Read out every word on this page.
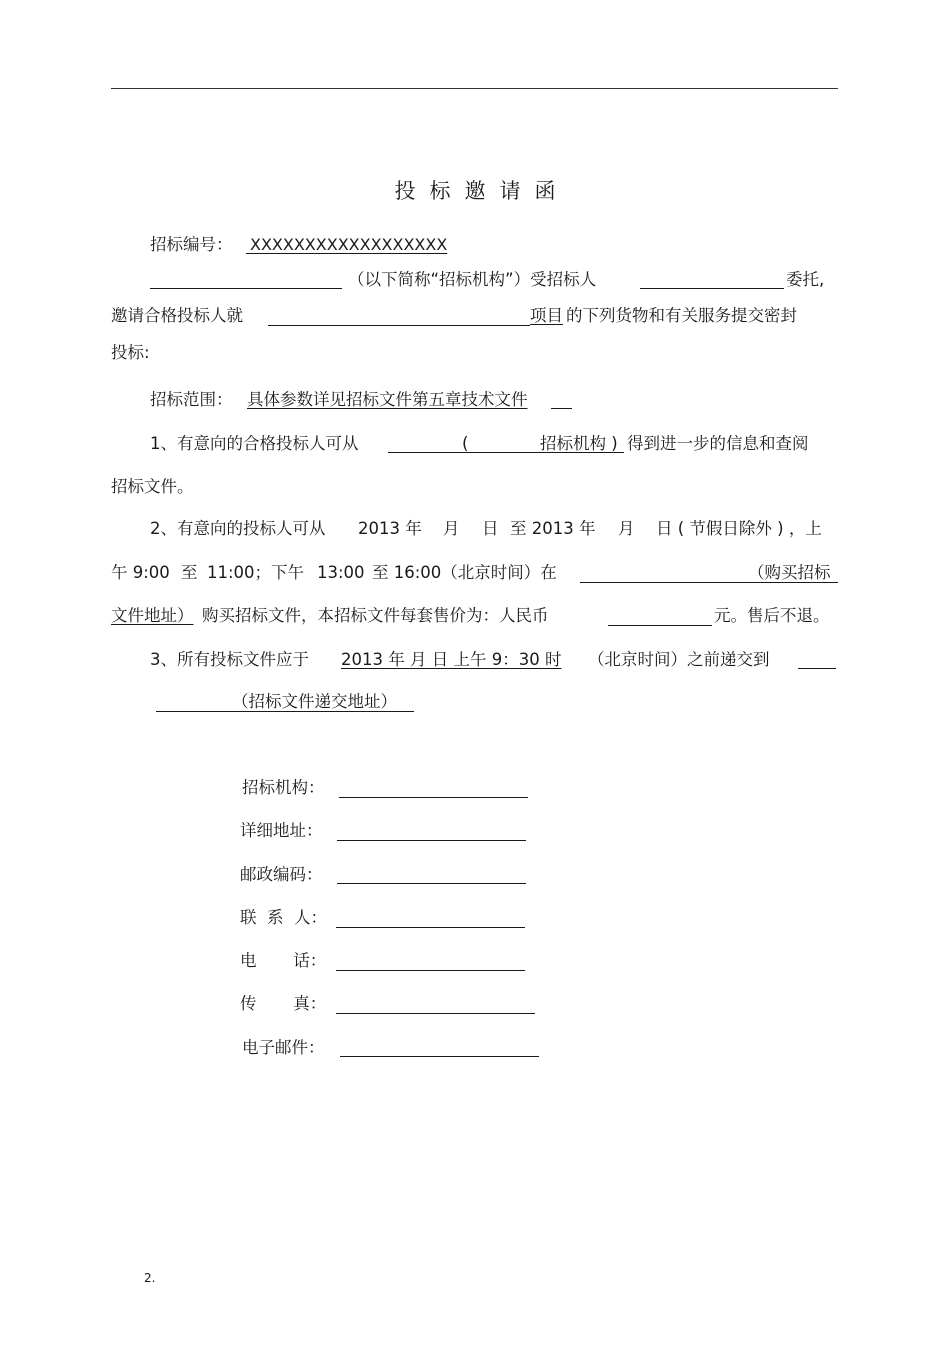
投标邀请函
招标编号： XXXXXXXXXXXXXXXXXX
（以下简称“招标机构”）受招标人	委托,
邀请合格投标人就	项目 的下列货物和有关服务提交密封
投标:
招标范围： 具体参数详见招标文件第五章技术文件
1、有意向的合格投标人可从	(	招标机构 ) 得到进一步的信息和查阅
招标文件。
2、有意向的投标人可从 2013 年 月 日 至 2013 年 月 日 ( 节假日除外 ) ，上
午 9:00 至 11:00；下午 13:00 至 16:00（北京时间）在	（购买招标
文件地址） 购买招标文件，本招标文件每套售价为：人民币	元。售后不退。
3、所有投标文件应于 2013 年 月 日 上午 9：30 时 （北京时间）之前递交到
（招标文件递交地址）
招标机构：
详细地址：
邮政编码：
联  系  人：
电       话：
传       真：
电子邮件：
2.
